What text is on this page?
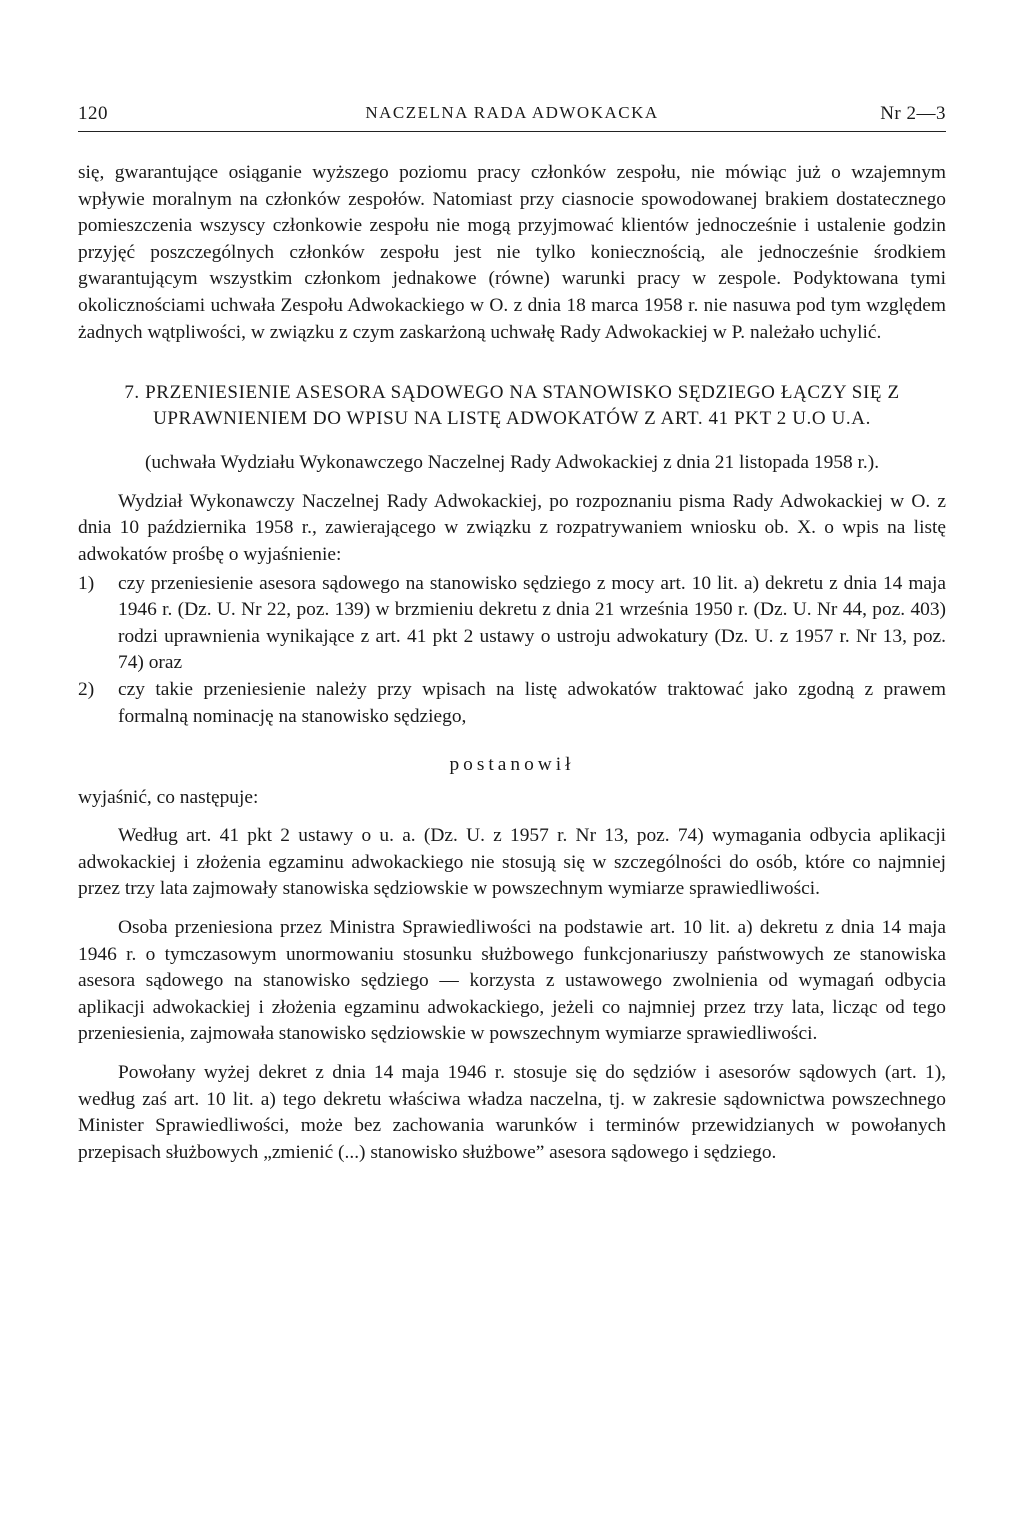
120	NACZELNA RADA ADWOKACKA	Nr 2—3

się, gwarantujące osiąganie wyższego poziomu pracy członków zespołu, nie mówiąc już o wzajemnym wpływie moralnym na członków zespołów. Natomiast przy ciasnocie spowodowanej brakiem dostatecznego pomieszczenia wszyscy członkowie zespołu nie mogą przyjmować klientów jednocześnie i ustalenie godzin przyjęć poszczególnych członków zespołu jest nie tylko koniecznością, ale jednocześnie środkiem gwarantującym wszystkim członkom jednakowe (równe) warunki pracy w zespole. Podyktowana tymi okolicznościami uchwała Zespołu Adwokackiego w O. z dnia 18 marca 1958 r. nie nasuwa pod tym względem żadnych wątpliwości, w związku z czym zaskarżoną uchwałę Rady Adwokackiej w P. należało uchylić.

7. PRZENIESIENIE ASESORA SĄDOWEGO NA STANOWISKO SĘDZIEGO ŁĄCZY SIĘ Z UPRAWNIENIEM DO WPISU NA LISTĘ ADWOKATÓW Z ART. 41 PKT 2 U.O U.A.

(uchwała Wydziału Wykonawczego Naczelnej Rady Adwokackiej z dnia 21 listopada 1958 r.).

Wydział Wykonawczy Naczelnej Rady Adwokackiej, po rozpoznaniu pisma Rady Adwokackiej w O. z dnia 10 października 1958 r., zawierającego w związku z rozpatrywaniem wniosku ob. X. o wpis na listę adwokatów prośbę o wyjaśnienie:

1) czy przeniesienie asesora sądowego na stanowisko sędziego z mocy art. 10 lit. a) dekretu z dnia 14 maja 1946 r. (Dz. U. Nr 22, poz. 139) w brzmieniu dekretu z dnia 21 września 1950 r. (Dz. U. Nr 44, poz. 403) rodzi uprawnienia wynikające z art. 41 pkt 2 ustawy o ustroju adwokatury (Dz. U. z 1957 r. Nr 13, poz. 74) oraz
2) czy takie przeniesienie należy przy wpisach na listę adwokatów traktować jako zgodną z prawem formalną nominację na stanowisko sędziego,

postanowił

wyjaśnić, co następuje:

Według art. 41 pkt 2 ustawy o u. a. (Dz. U. z 1957 r. Nr 13, poz. 74) wymagania odbycia aplikacji adwokackiej i złożenia egzaminu adwokackiego nie stosują się w szczególności do osób, które co najmniej przez trzy lata zajmowały stanowiska sędziowskie w powszechnym wymiarze sprawiedliwości.

Osoba przeniesiona przez Ministra Sprawiedliwości na podstawie art. 10 lit. a) dekretu z dnia 14 maja 1946 r. o tymczasowym unormowaniu stosunku służbowego funkcjonariuszy państwowych ze stanowiska asesora sądowego na stanowisko sędziego — korzysta z ustawowego zwolnienia od wymagań odbycia aplikacji adwokackiej i złożenia egzaminu adwokackiego, jeżeli co najmniej przez trzy lata, licząc od tego przeniesienia, zajmowała stanowisko sędziowskie w powszechnym wymiarze sprawiedliwości.

Powołany wyżej dekret z dnia 14 maja 1946 r. stosuje się do sędziów i asesorów sądowych (art. 1), według zaś art. 10 lit. a) tego dekretu właściwa władza naczelna, tj. w zakresie sądownictwa powszechnego Minister Sprawiedliwości, może bez zachowania warunków i terminów przewidzianych w powołanych przepisach służbowych „zmienić (...) stanowisko służbowe” asesora sądowego i sędziego.
